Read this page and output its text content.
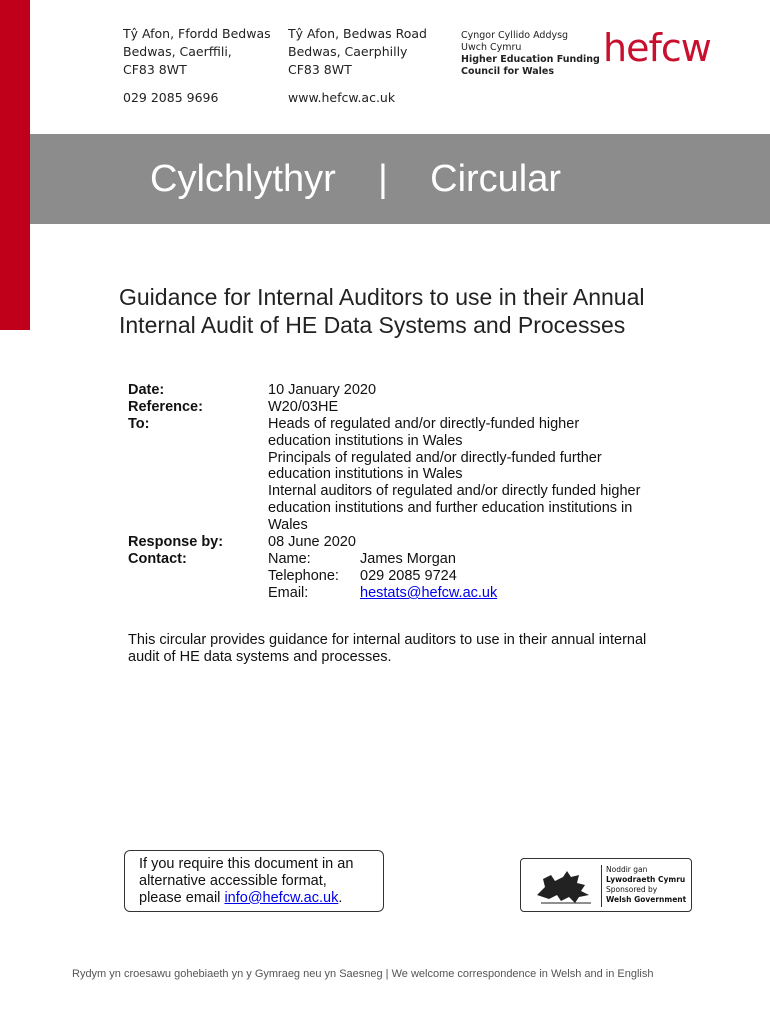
Tŷ Afon, Ffordd Bedwas
Bedwas, Caerffili,
CF83 8WT
029 2085 9696
Tŷ Afon, Bedwas Road
Bedwas, Caerphilly
CF83 8WT
www.hefcw.ac.uk
Cyngor Cyllido Addysg
Uwch Cymru
Higher Education Funding
Council for Wales
hefcw
Cylchlythyr    |    Circular
Guidance for Internal Auditors to use in their Annual Internal Audit of HE Data Systems and Processes
Date:	10 January 2020
Reference:	W20/03HE
To:	Heads of regulated and/or directly-funded higher
education institutions in Wales
Principals of regulated and/or directly-funded further
education institutions in Wales
Internal auditors of regulated and/or directly funded higher
education institutions and further education institutions in
Wales
Response by:	08 June 2020
Contact:	Name:	James Morgan
Telephone: 029 2085 9724
Email:	hestats@hefcw.ac.uk
This circular provides guidance for internal auditors to use in their annual internal audit of HE data systems and processes.
If you require this document in an alternative accessible format, please email info@hefcw.ac.uk.
Noddir gan
Lywodraeth Cymru
Sponsored by
Welsh Government
Rydym yn croesawu gohebiaeth yn y Gymraeg neu yn Saesneg | We welcome correspondence in Welsh and in English
